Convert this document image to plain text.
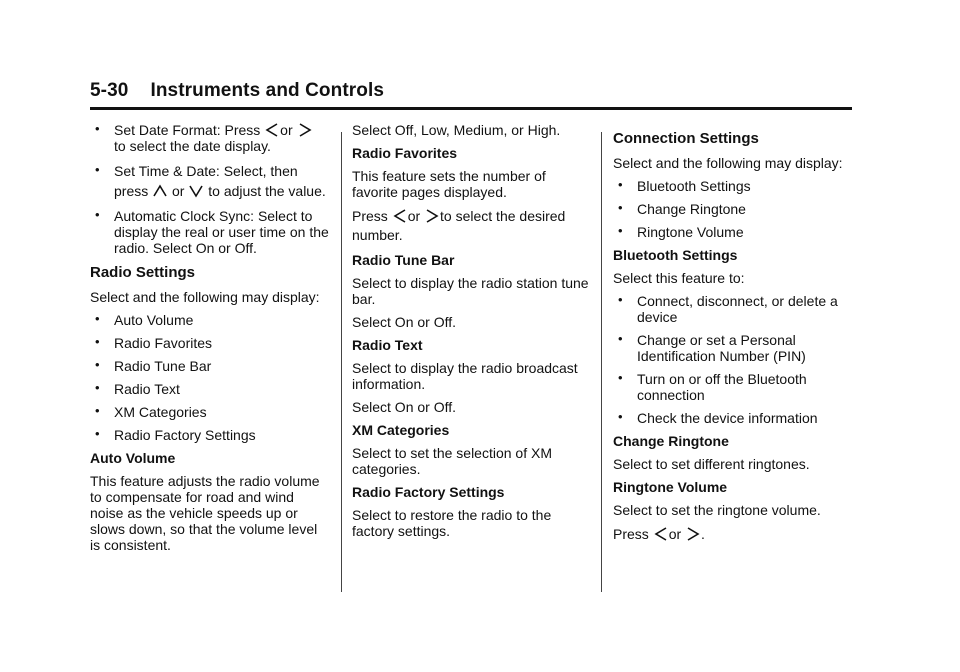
5-30 Instruments and Controls

• Set Date Format: Press or

to select the date display.

• Set Time & Date: Select, then press or to adjust the value.

• Automatic Clock Sync: Select to display the real or user time on the radio. Select On or Off.

Radio Settings

Select and the following may display:

• Auto Volume

• Radio Favorites

• Radio Tune Bar

• Radio Text

• XM Categories

• Radio Factory Settings

Auto Volume

This feature adjusts the radio volume to compensate for road and wind noise as the vehicle speeds up or slows down, so that the volume level is consistent.

Select Off, Low, Medium, or High.

Radio Favorites

This feature sets the number of favorite pages displayed.

Press or to select the desired number.

Radio Tune Bar

Select to display the radio station tune bar.

Select On or Off.

Radio Text

Select to display the radio broadcast information.

Select On or Off.

XM Categories

Select to set the selection of XM categories.

Radio Factory Settings

Select to restore the radio to the factory settings.

Connection Settings

Select and the following may display:

• Bluetooth Settings

• Change Ringtone

• Ringtone Volume

Bluetooth Settings

Select this feature to:

• Connect, disconnect, or delete a device

• Change or set a Personal Identification Number (PIN)

• Turn on or off the Bluetooth connection

• Check the device information

Change Ringtone

Select to set different ringtones.

Ringtone Volume

Select to set the ringtone volume.

Press or .
